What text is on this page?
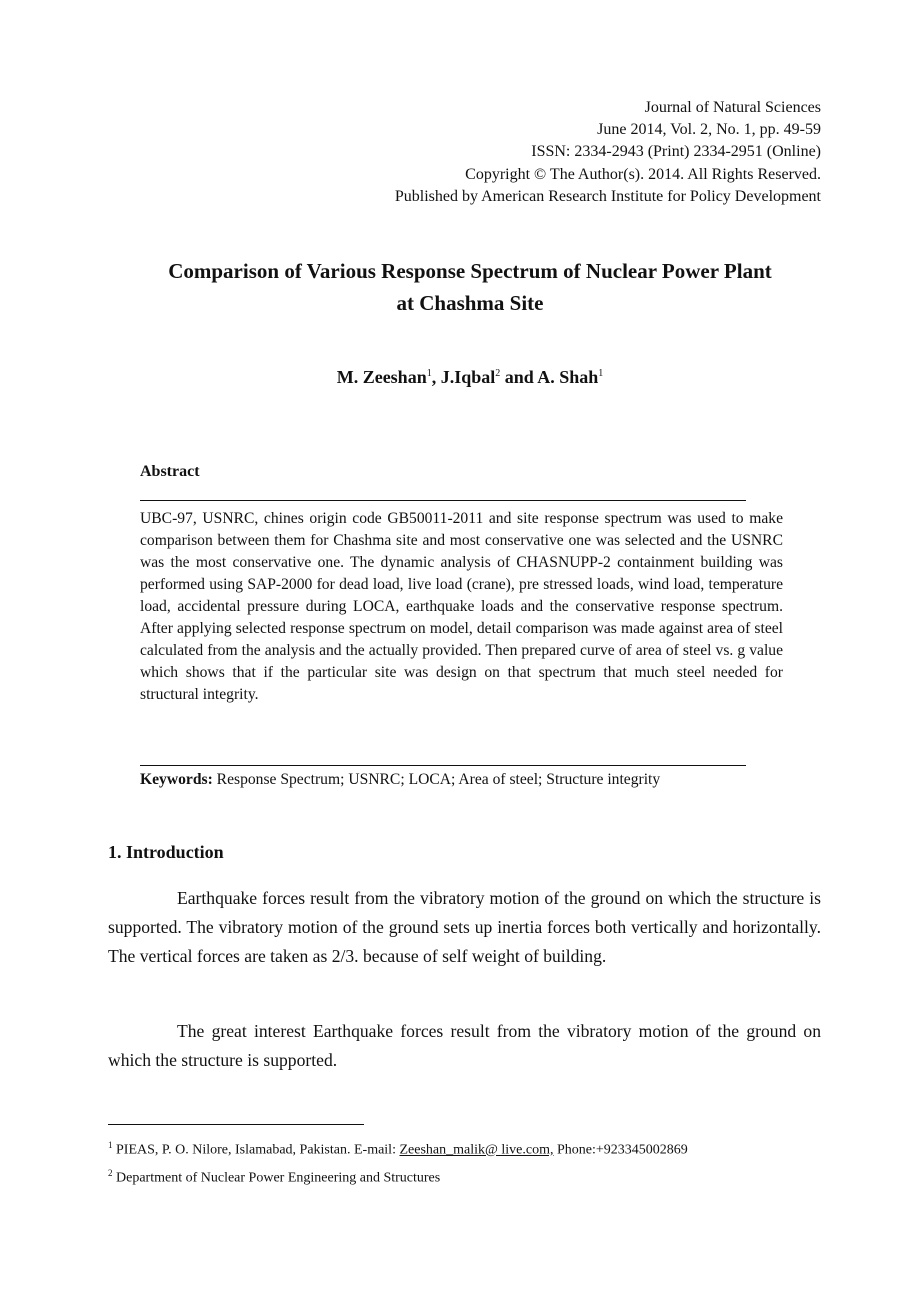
Journal of Natural Sciences
June 2014, Vol. 2, No. 1, pp. 49-59
ISSN: 2334-2943 (Print) 2334-2951 (Online)
Copyright © The Author(s). 2014. All Rights Reserved.
Published by American Research Institute for Policy Development
Comparison of Various Response Spectrum of Nuclear Power Plant
at Chashma Site
M. Zeeshan$^1$, J.Iqbal$^2$ and A. Shah$^1$
Abstract
UBC-97, USNRC, chines origin code GB50011-2011 and site response spectrum was used to make comparison between them for Chashma site and most conservative one was selected and the USNRC was the most conservative one. The dynamic analysis of CHASNUPP-2 containment building was performed using SAP-2000 for dead load, live load (crane), pre stressed loads, wind load, temperature load, accidental pressure during LOCA, earthquake loads and the conservative response spectrum. After applying selected response spectrum on model, detail comparison was made against area of steel calculated from the analysis and the actually provided. Then prepared curve of area of steel vs. g value which shows that if the particular site was design on that spectrum that much steel needed for structural integrity.
Keywords: Response Spectrum; USNRC; LOCA; Area of steel; Structure integrity
1. Introduction
Earthquake forces result from the vibratory motion of the ground on which the structure is supported. The vibratory motion of the ground sets up inertia forces both vertically and horizontally. The vertical forces are taken as 2/3. because of self weight of building.
The great interest Earthquake forces result from the vibratory motion of the ground on which the structure is supported.
$^1$ PIEAS, P. O. Nilore, Islamabad, Pakistan. E-mail: Zeeshan_malik@ live.com, Phone:+923345002869
$^2$ Department of Nuclear Power Engineering and Structures
